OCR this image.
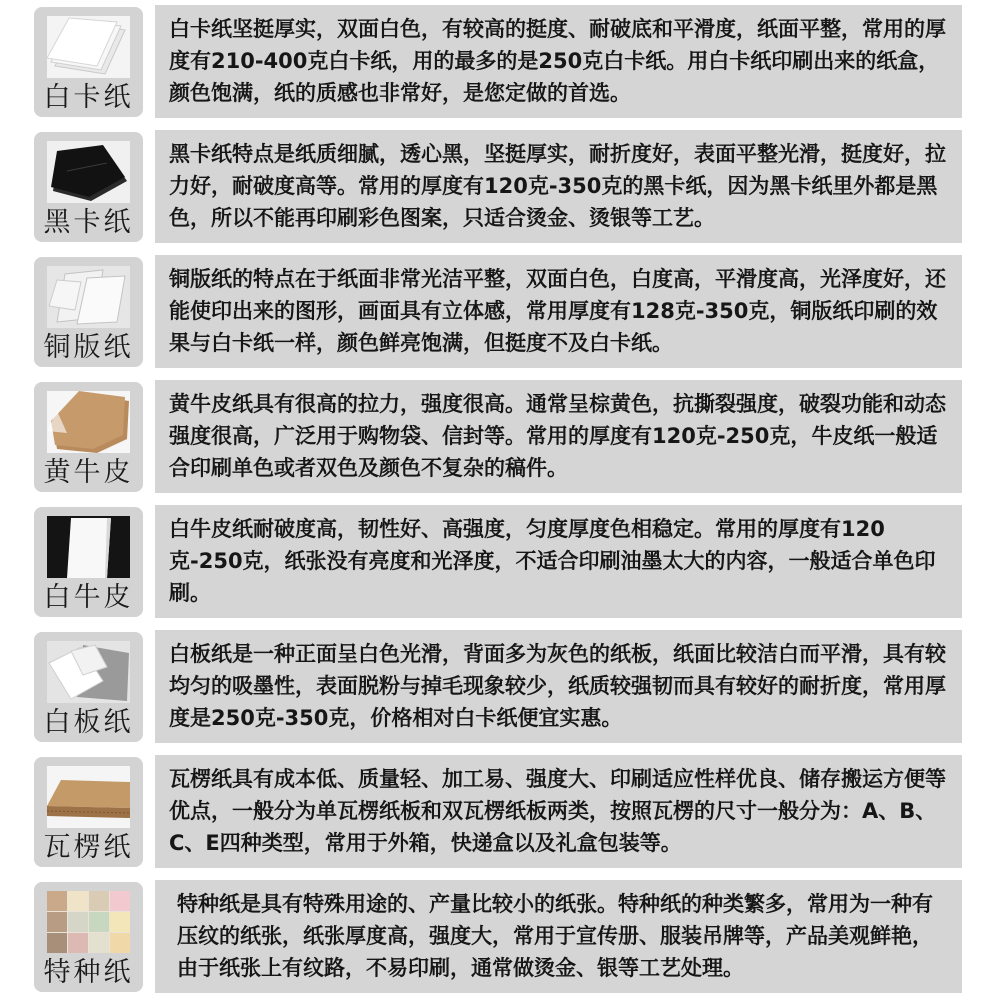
白卡纸
白卡纸坚挺厚实，双面白色，有较高的挺度、耐破底和平滑度，纸面平整，常用的厚度有210-400克白卡纸，用的最多的是250克白卡纸。用白卡纸印刷出来的纸盒，颜色饱满，纸的质感也非常好，是您定做的首选。
黑卡纸
黑卡纸特点是纸质细腻，透心黑，坚挺厚实，耐折度好，表面平整光滑，挺度好，拉力好，耐破度高等。常用的厚度有120克-350克的黑卡纸，因为黑卡纸里外都是黑色，所以不能再印刷彩色图案，只适合烫金、烫银等工艺。
铜版纸
铜版纸的特点在于纸面非常光洁平整，双面白色，白度高，平滑度高，光泽度好，还能使印出来的图形，画面具有立体感，常用厚度有128克-350克，铜版纸印刷的效果与白卡纸一样，颜色鲜亮饱满，但挺度不及白卡纸。
黄牛皮
黄牛皮纸具有很高的拉力，强度很高。通常呈棕黄色，抗撕裂强度，破裂功能和动态强度很高，广泛用于购物袋、信封等。常用的厚度有120克-250克，牛皮纸一般适合印刷单色或者双色及颜色不复杂的稿件。
白牛皮
白牛皮纸耐破度高，韧性好、高强度，匀度厚度色相稳定。常用的厚度有120克-250克，纸张没有亮度和光泽度，不适合印刷油墨太大的内容，一般适合单色印刷。
白板纸
白板纸是一种正面呈白色光滑，背面多为灰色的纸板，纸面比较洁白而平滑，具有较均匀的吸墨性，表面脱粉与掉毛现象较少，纸质较强韧而具有较好的耐折度，常用厚度是250克-350克，价格相对白卡纸便宜实惠。
瓦楞纸
瓦楞纸具有成本低、质量轻、加工易、强度大、印刷适应性样优良、储存搬运方便等优点，一般分为单瓦楞纸板和双瓦楞纸板两类，按照瓦楞的尺寸一般分为：A、B、C、E四种类型，常用于外箱，快递盒以及礼盒包装等。
特种纸
特种纸是具有特殊用途的、产量比较小的纸张。特种纸的种类繁多，常用为一种有压纹的纸张，纸张厚度高，强度大，常用于宣传册、服装吊牌等，产品美观鲜艳，由于纸张上有纹路，不易印刷，通常做烫金、银等工艺处理。
